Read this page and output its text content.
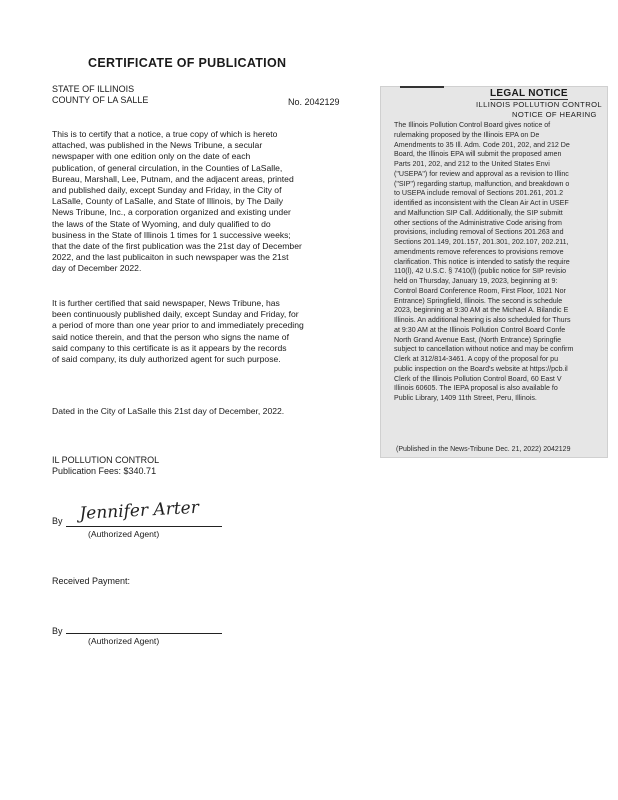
CERTIFICATE OF PUBLICATION
STATE OF ILLINOIS
COUNTY OF LA SALLE	No. 2042129

This is to certify that a notice, a true copy of which is hereto

attached, was published in the News Tribune, a secular

newspaper with one edition only on the date of each

publication, of general circulation, in the Counties of LaSalle,

Bureau, Marshall, Lee, Putnam, and the adjacent areas, printed

and published daily, except Sunday and Friday, in the City of

LaSalle, County of LaSalle, and State of Illinois, by The Daily

News Tribune, Inc., a corporation organized and existing under

the laws of the State of Wyoming, and duly qualified to do

business in the State of Illinois 1 times for 1 successive weeks;

that the date of the first publication was the 21st day of December

2022, and the last publicaiton in such newspaper was the 21st

day of December 2022.

It is further certified that said newspaper, News Tribune, has

been continuously published daily, except Sunday and Friday, for

a period of more than one year prior to and immediately preceding

said notice therein, and that the person who signs the name of

said company to this certificate is as it appears by the records

of said company, its duly authorized agent for such purpose.

Dated in the City of LaSalle this 21st day of December, 2022.
IL POLLUTION CONTROL
Publication Fees: $340.71
By Jennifer Arter
(Authorized Agent)
Received Payment:
By
(Authorized Agent)
LEGAL NOTICE
ILLINOIS POLLUTION CONTROL
NOTICE OF HEARING
The Illinois Pollution Control Board gives notice of
rulemaking proposed by the Illinois EPA on De
Amendments to 35 Ill. Adm. Code 201, 202, and 212 De
Board, the Illinois EPA will submit the proposed amen
Parts 201, 202, and 212 to the United States Envi
("USEPA") for review and approval as a revision to Illinc
("SIP") regarding startup, malfunction, and breakdown o
to USEPA include removal of Sections 201.261, 201.2
identified as inconsistent with the Clean Air Act in USEF
and Malfunction SIP Call. Additionally, the SIP submitt
other sections of the Administrative Code arising from
provisions, including removal of Sections 201.263 and
Sections 201.149, 201.157, 201.301, 202.107, 202.211,
amendments remove references to provisions remove
clarification. This notice is intended to satisfy the require
110(l), 42 U.S.C. § 7410(l) (public notice for SIP revisio
held on Thursday, January 19, 2023, beginning at 9:
Control Board Conference Room, First Floor, 1021 Nor
Entrance) Springfield, Illinois. The second is schedule
2023, beginning at 9:30 AM at the Michael A. Bilandic E
Illinois. An additional hearing is also scheduled for Thurs
at 9:30 AM at the Illinois Pollution Control Board Confe
North Grand Avenue East, (North Entrance) Springfie
subject to cancellation without notice and may be confirm
Clerk at 312/814-3461. A copy of the proposal for pu
public inspection on the Board's website at https://pcb.il
Clerk of the Illinois Pollution Control Board, 60 East V
Illinois 60605. The IEPA proposal is also available fo
Public Library, 1409 11th Street, Peru, Illinois.
(Published in the News-Tribune Dec. 21, 2022) 2042129
